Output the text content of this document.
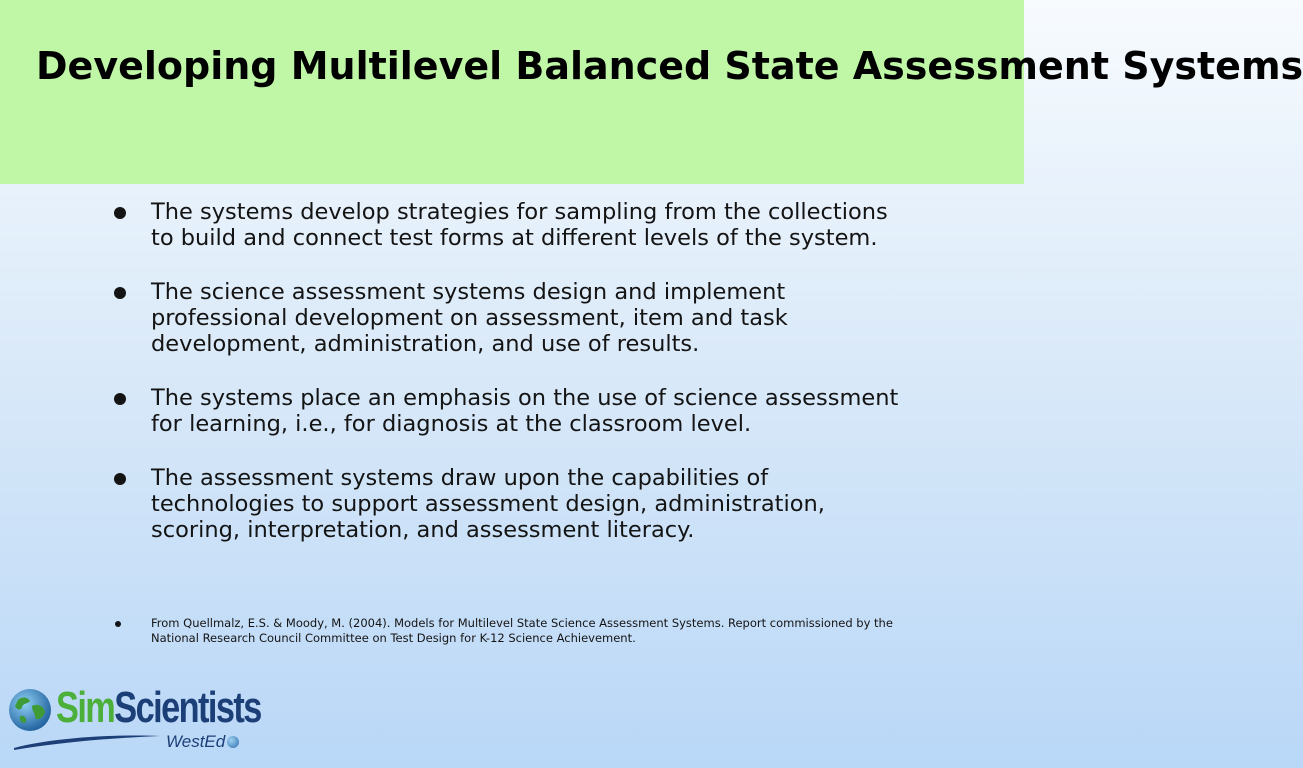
Developing Multilevel Balanced State Assessment Systems
The systems develop strategies for sampling from the collections to build and connect test forms at different levels of the system.
The science assessment systems design and implement professional development on assessment, item and task development, administration, and use of results.
The systems place an emphasis on the use of science assessment for learning, i.e., for diagnosis at the classroom level.
The assessment systems draw upon the capabilities of technologies to support assessment design, administration, scoring, interpretation, and assessment literacy.
From Quellmalz, E.S. & Moody, M. (2004). Models for Multilevel State Science Assessment Systems. Report commissioned by the National Research Council Committee on Test Design for K-12 Science Achievement.
SimScientists
WestEd
